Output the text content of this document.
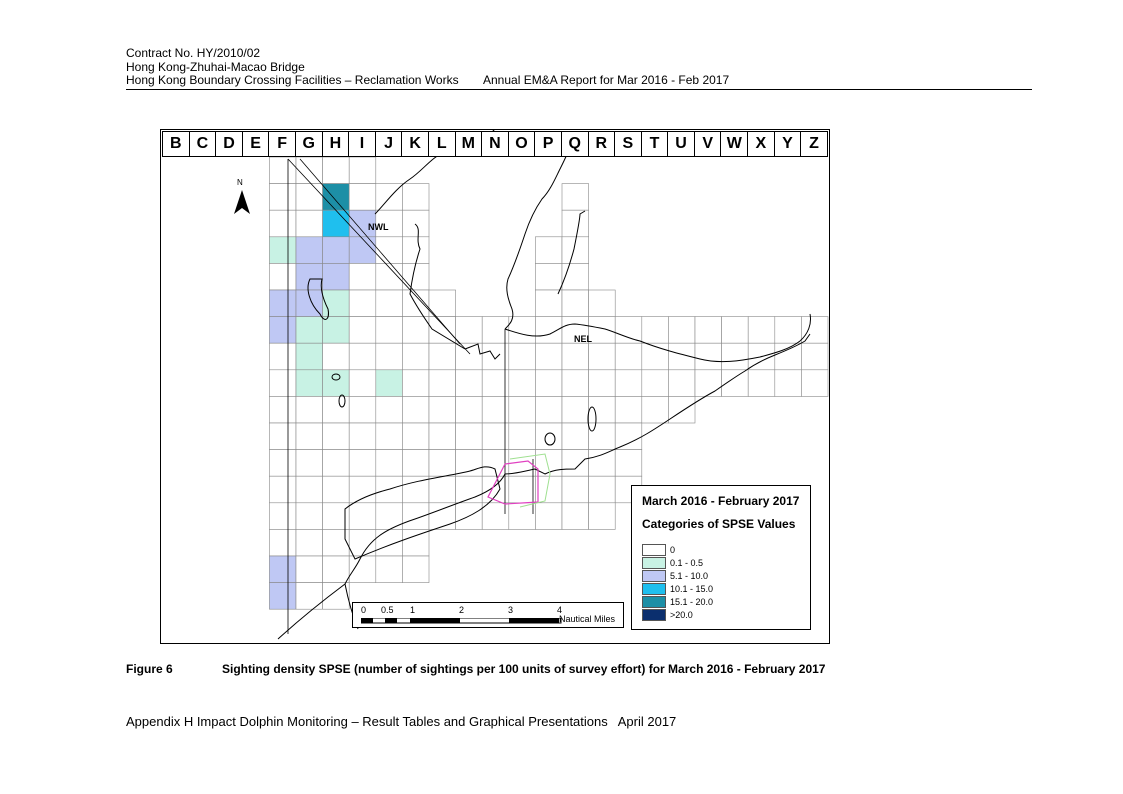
Contract No. HY/2010/02
Hong Kong-Zhuhai-Macao Bridge
Hong Kong Boundary Crossing Facilities – Reclamation Works Annual EM&A Report for Mar 2016 - Feb 2017
B C D E	F G H	I	J	K L M N O P Q R S	T U V W X Y	Z
N
NWL
NEL
0 0.5 1	2	3	4
Nautical Miles
March 2016 - February 2017
Categories of SPSE Values
0
0.1 - 0.5
5.1 - 10.0
10.1 - 15.0
15.1 - 20.0
>20.0
Figure 6	Sighting density SPSE (number of sightings per 100 units of survey effort) for March 2016 - February 2017
Appendix H Impact Dolphin Monitoring – Result Tables and Graphical Presentations April 2017
